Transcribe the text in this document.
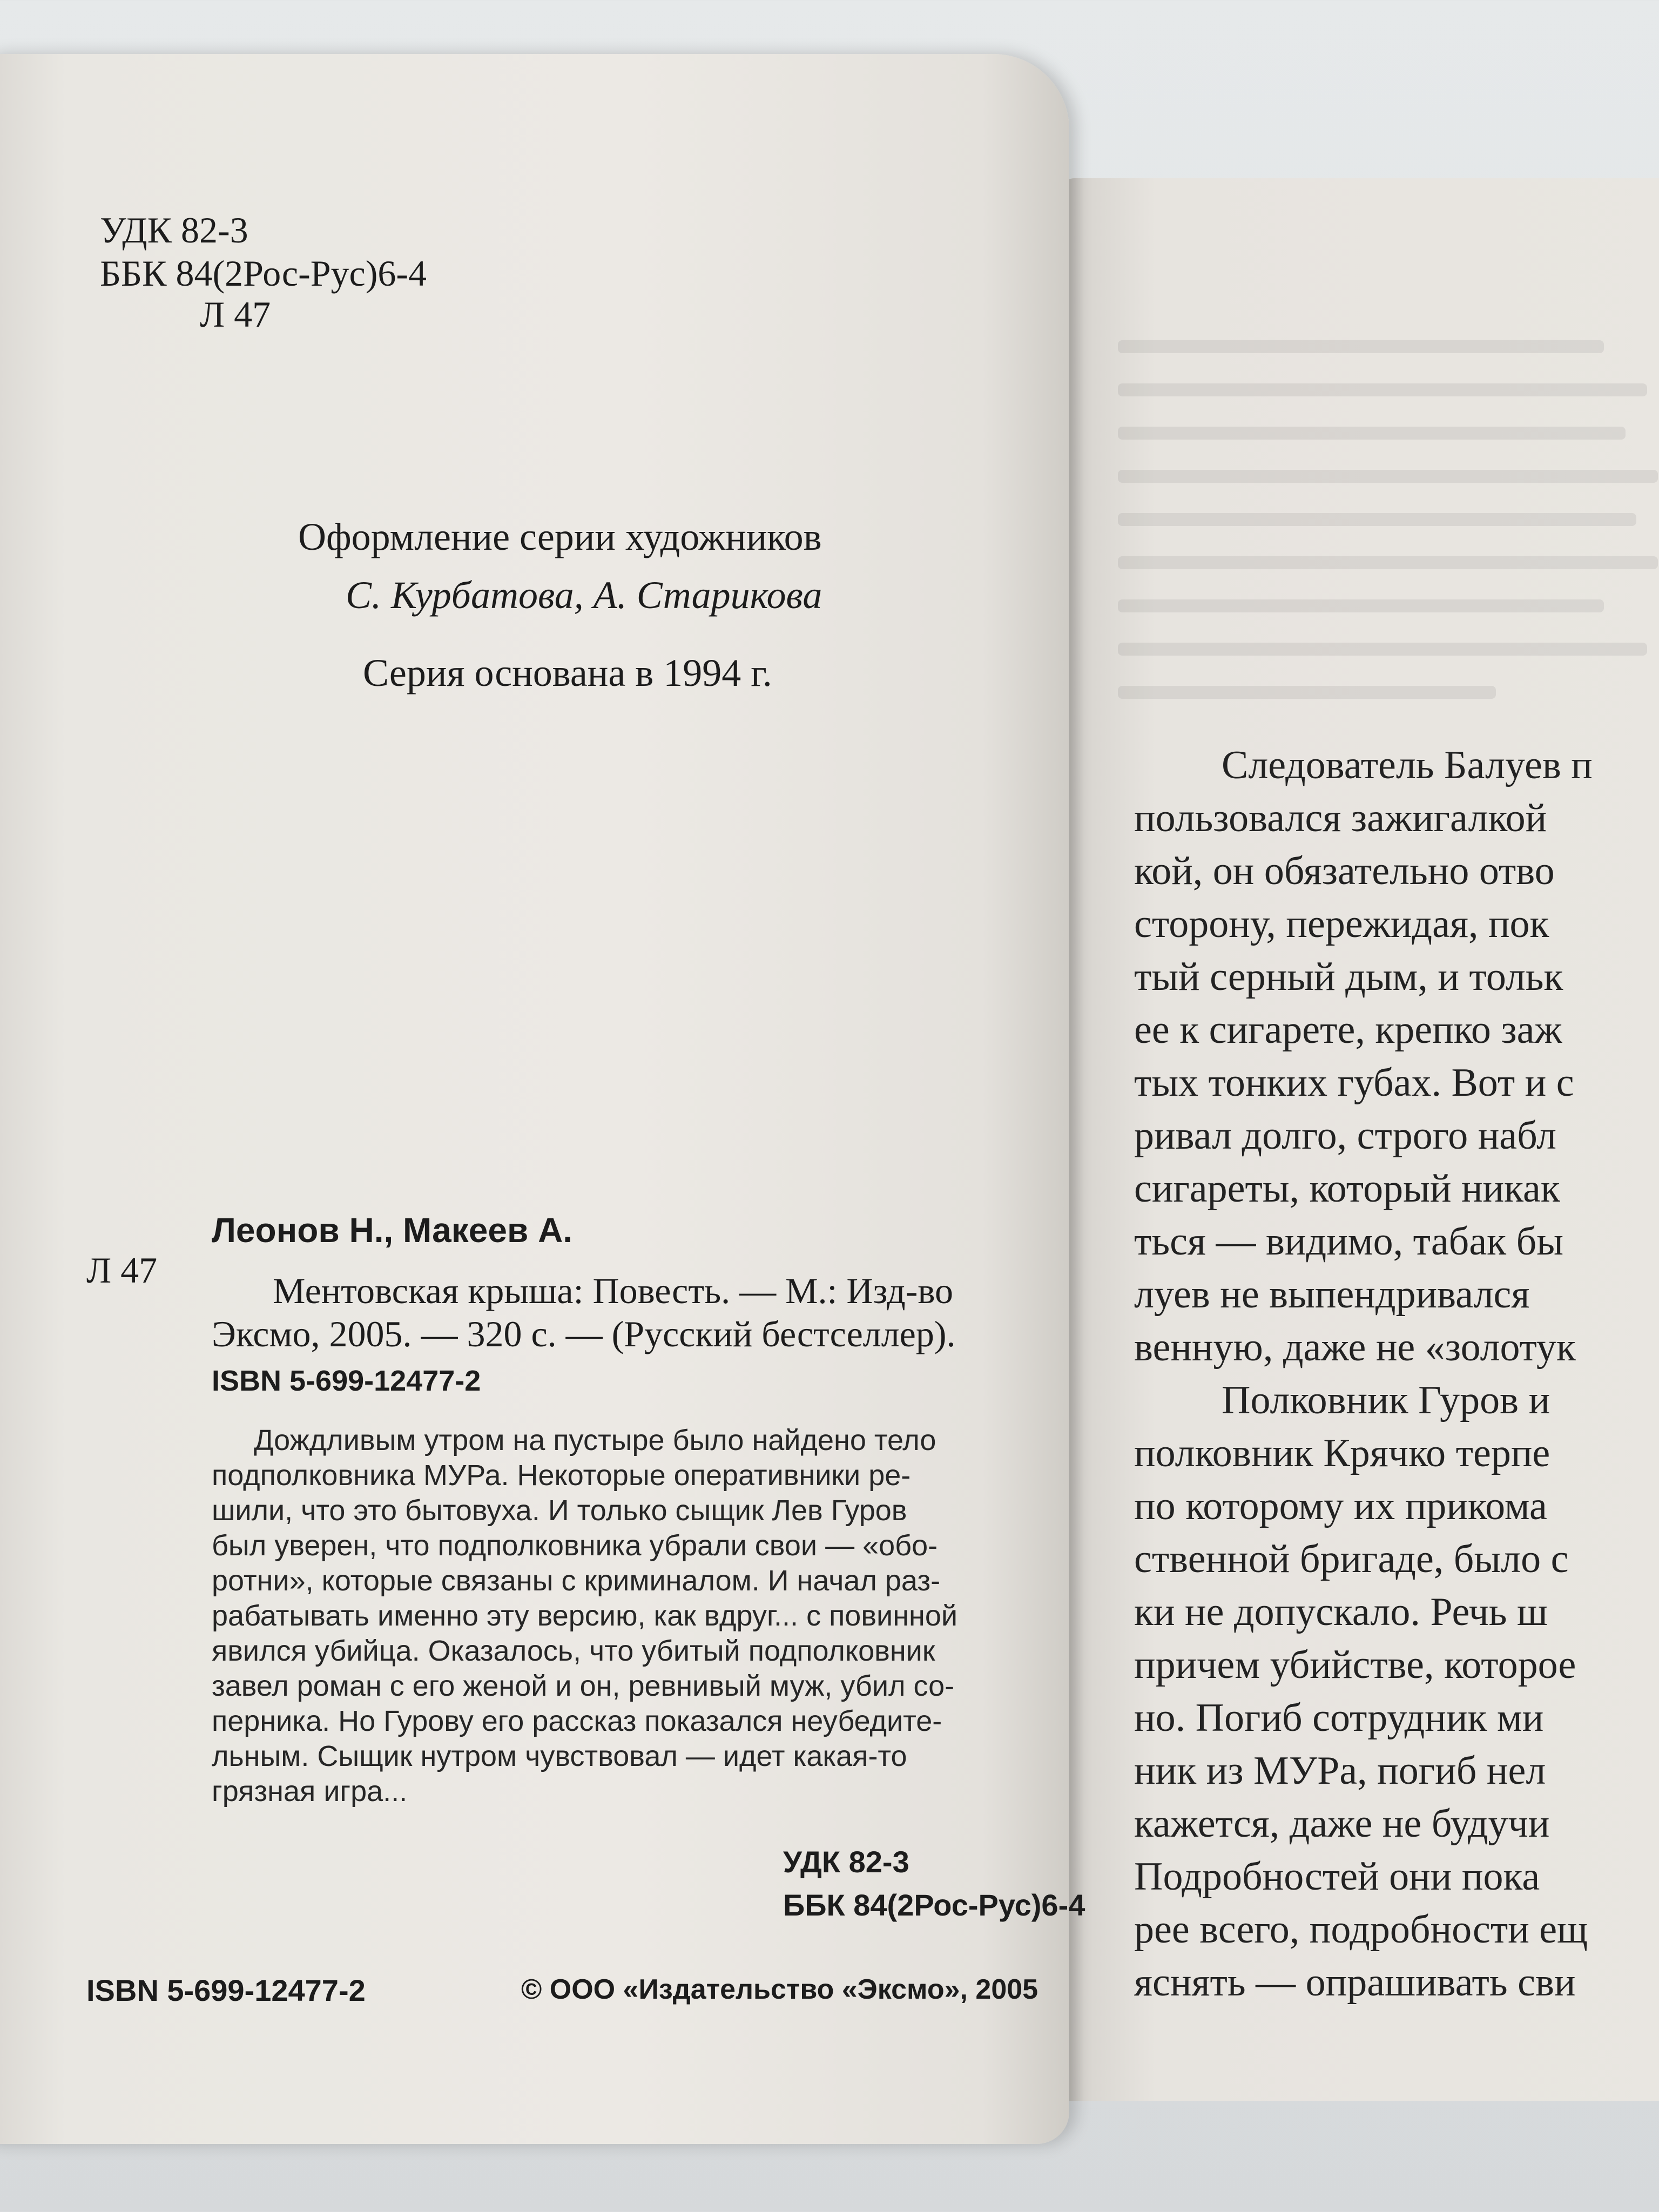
УДК 82-3
ББК 84(2Рос-Рус)6-4
Л 47
Оформление серии художников
С. Курбатова, А. Старикова
Серия основана в 1994 г.
Леонов Н., Макеев А.
Л 47	Ментовская крыша: Повесть. — М.: Изд-во
Эксмо, 2005. — 320 с. — (Русский бестселлер).
ISBN 5-699-12477-2
Дождливым утром на пустыре было найдено тело
подполковника МУРа. Некоторые оперативники ре-
шили, что это бытовуха. И только сыщик Лев Гуров
был уверен, что подполковника убрали свои — «обо-
ротни», которые связаны с криминалом. И начал раз-
рабатывать именно эту версию, как вдруг... с повинной
явился убийца. Оказалось, что убитый подполковник
завел роман с его женой и он, ревнивый муж, убил со-
перника. Но Гурову его рассказ показался неубедите-
льным. Сыщик нутром чувствовал — идет какая-то
грязная игра...
УДК 82-3
ББК 84(2Рос-Рус)6-4
ISBN 5-699-12477-2	© ООО «Издательство «Эксмо», 2005
Следователь Балуев п
пользовался зажигалкой
кой, он обязательно отво
сторону, пережидая, пок
тый серный дым, и тольк
ее к сигарете, крепко заж
тых тонких губах. Вот и с
ривал долго, строго набл
сигареты, который никак
ться — видимо, табак бы
луев не выпендривался
венную, даже не «золотук
Полковник Гуров и
полковник Крячко терпе
по которому их прикома
ственной бригаде, было с
ки не допускало. Речь ш
причем убийстве, которое
но. Погиб сотрудник ми
ник из МУРа, погиб нел
кажется, даже не будучи
Подробностей они пока
рее всего, подробности ещ
яснять — опрашивать сви
